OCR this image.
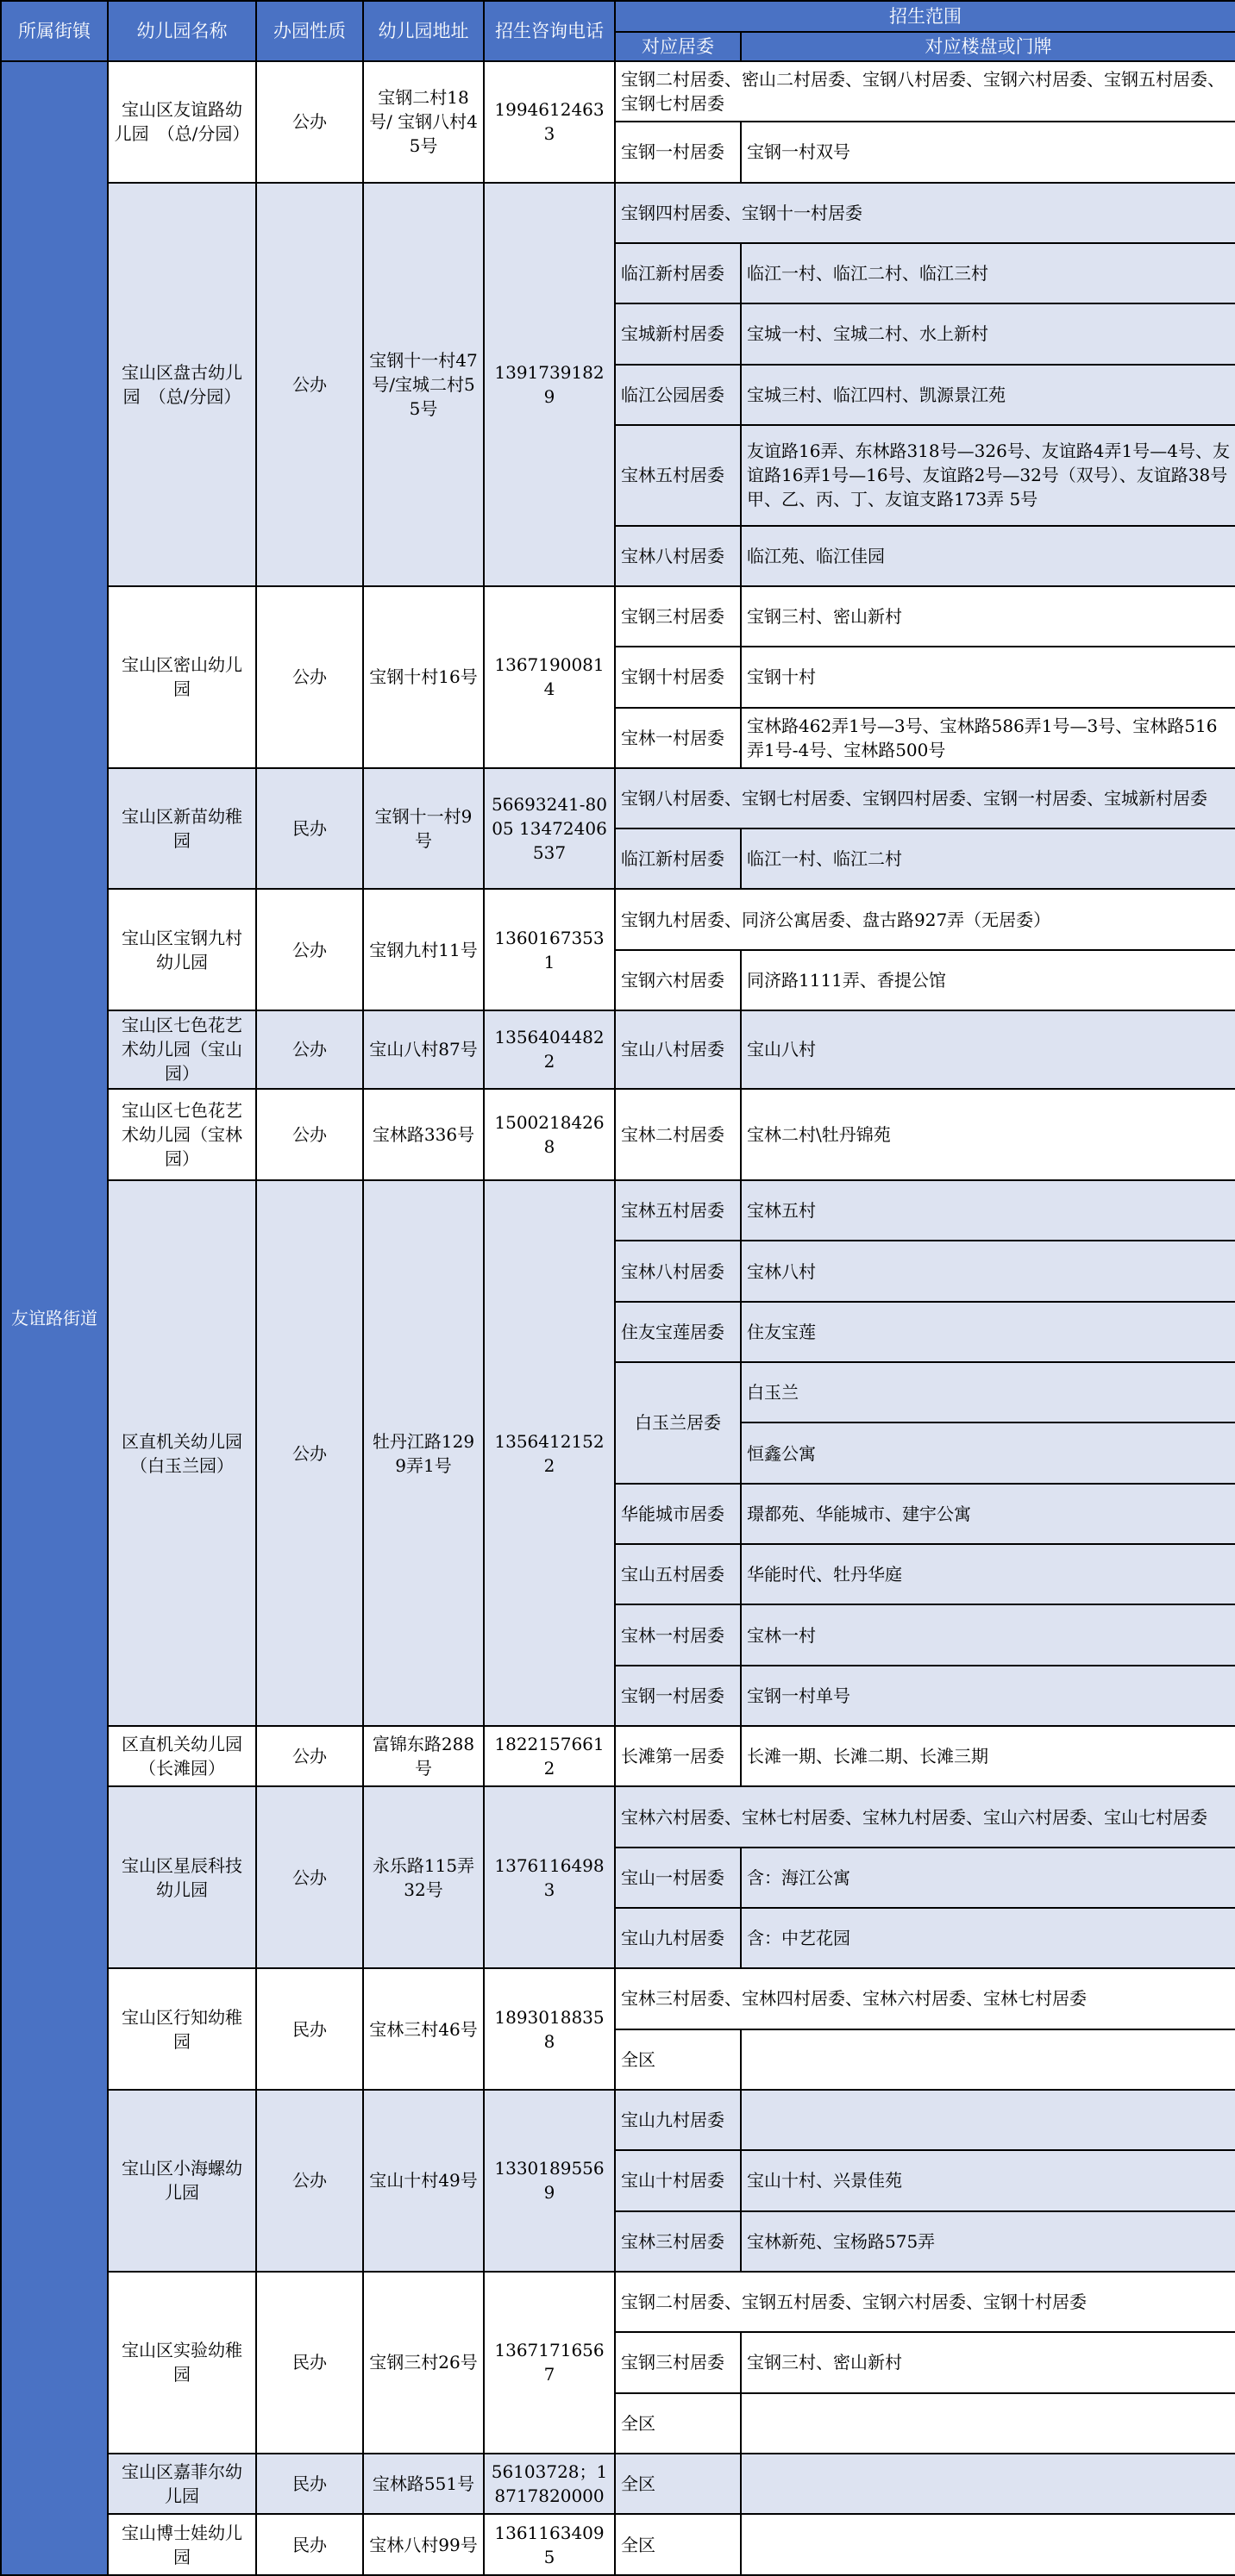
所属街镇	幼儿园名称	办园性质	幼儿园地址	招生咨询电话	招生范围	
					对应居委	对应楼盘或门牌
友谊路街道	宝山区友谊路幼儿园　（总/分园）	公办	宝钢二村18号/ 宝钢八村45号	19946124633	宝钢二村居委、密山二村居委、宝钢八村居委、宝钢六村居委、宝钢五村居委、宝钢七村居委	
					宝钢一村居委	宝钢一村双号
	宝山区盘古幼儿园　（总/分园）	公办	宝钢十一村47号/宝城二村55号	13917391829	宝钢四村居委、宝钢十一村居委	
					临江新村居委	临江一村、临江二村、临江三村
					宝城新村居委	宝城一村、宝城二村、水上新村
					临江公园居委	宝城三村、临江四村、凯源景江苑
					宝林五村居委	友谊路16弄、东林路318号—326号、友谊路4弄1号—4号、友谊路16弄1号—16号、友谊路2号—32号（双号）、友谊路38号甲、乙、丙、丁、友谊支路173弄 5号
					宝林八村居委	临江苑、临江佳园
	宝山区密山幼儿园	公办	宝钢十村16号	13671900814	宝钢三村居委	宝钢三村、密山新村
					宝钢十村居委	宝钢十村
					宝林一村居委	宝林路462弄1号—3号、宝林路586弄1号—3号、宝林路516弄1号-4号、宝林路500号
	宝山区新苗幼稚园	民办	宝钢十一村9号	56693241-8005 13472406537	宝钢八村居委、宝钢七村居委、宝钢四村居委、宝钢一村居委、宝城新村居委	
					临江新村居委	临江一村、临江二村
	宝山区宝钢九村幼儿园	公办	宝钢九村11号	13601673531	宝钢九村居委、同济公寓居委、盘古路927弄（无居委）	
					宝钢六村居委	同济路1111弄、香提公馆
	宝山区七色花艺术幼儿园（宝山园）	公办	宝山八村87号	13564044822	宝山八村居委	宝山八村
	宝山区七色花艺术幼儿园（宝林园）	公办	宝林路336号	15002184268	宝林二村居委	宝林二村\牡丹锦苑
	区直机关幼儿园（白玉兰园）	公办	牡丹江路1299弄1号	13564121522	宝林五村居委	宝林五村
					宝林八村居委	宝林八村
					住友宝莲居委	住友宝莲
					白玉兰居委	白玉兰
						恒鑫公寓
					华能城市居委	璟都苑、华能城市、建宇公寓
					宝山五村居委	华能时代、牡丹华庭
					宝林一村居委	宝林一村
					宝钢一村居委	宝钢一村单号
	区直机关幼儿园（长滩园）	公办	富锦东路288号	18221576612	长滩第一居委	长滩一期、长滩二期、长滩三期
	宝山区星辰科技幼儿园	公办	永乐路115弄32号	13761164983	宝林六村居委、宝林七村居委、宝林九村居委、宝山六村居委、宝山七村居委	
					宝山一村居委	含：海江公寓
					宝山九村居委	含：中艺花园
	宝山区行知幼稚园	民办	宝林三村46号	18930188358	宝林三村居委、宝林四村居委、宝林六村居委、宝林七村居委	
					全区	
	宝山区小海螺幼儿园	公办	宝山十村49号	13301895569	宝山九村居委	
					宝山十村居委	宝山十村、兴景佳苑
					宝林三村居委	宝林新苑、宝杨路575弄
	宝山区实验幼稚园	民办	宝钢三村26号	13671716567	宝钢二村居委、宝钢五村居委、宝钢六村居委、宝钢十村居委	
					宝钢三村居委	宝钢三村、密山新村
					全区	
	宝山区嘉菲尔幼儿园	民办	宝林路551号	56103728；18717820000	全区	
	宝山博士娃幼儿园	民办	宝林八村99号	13611634095	全区	
